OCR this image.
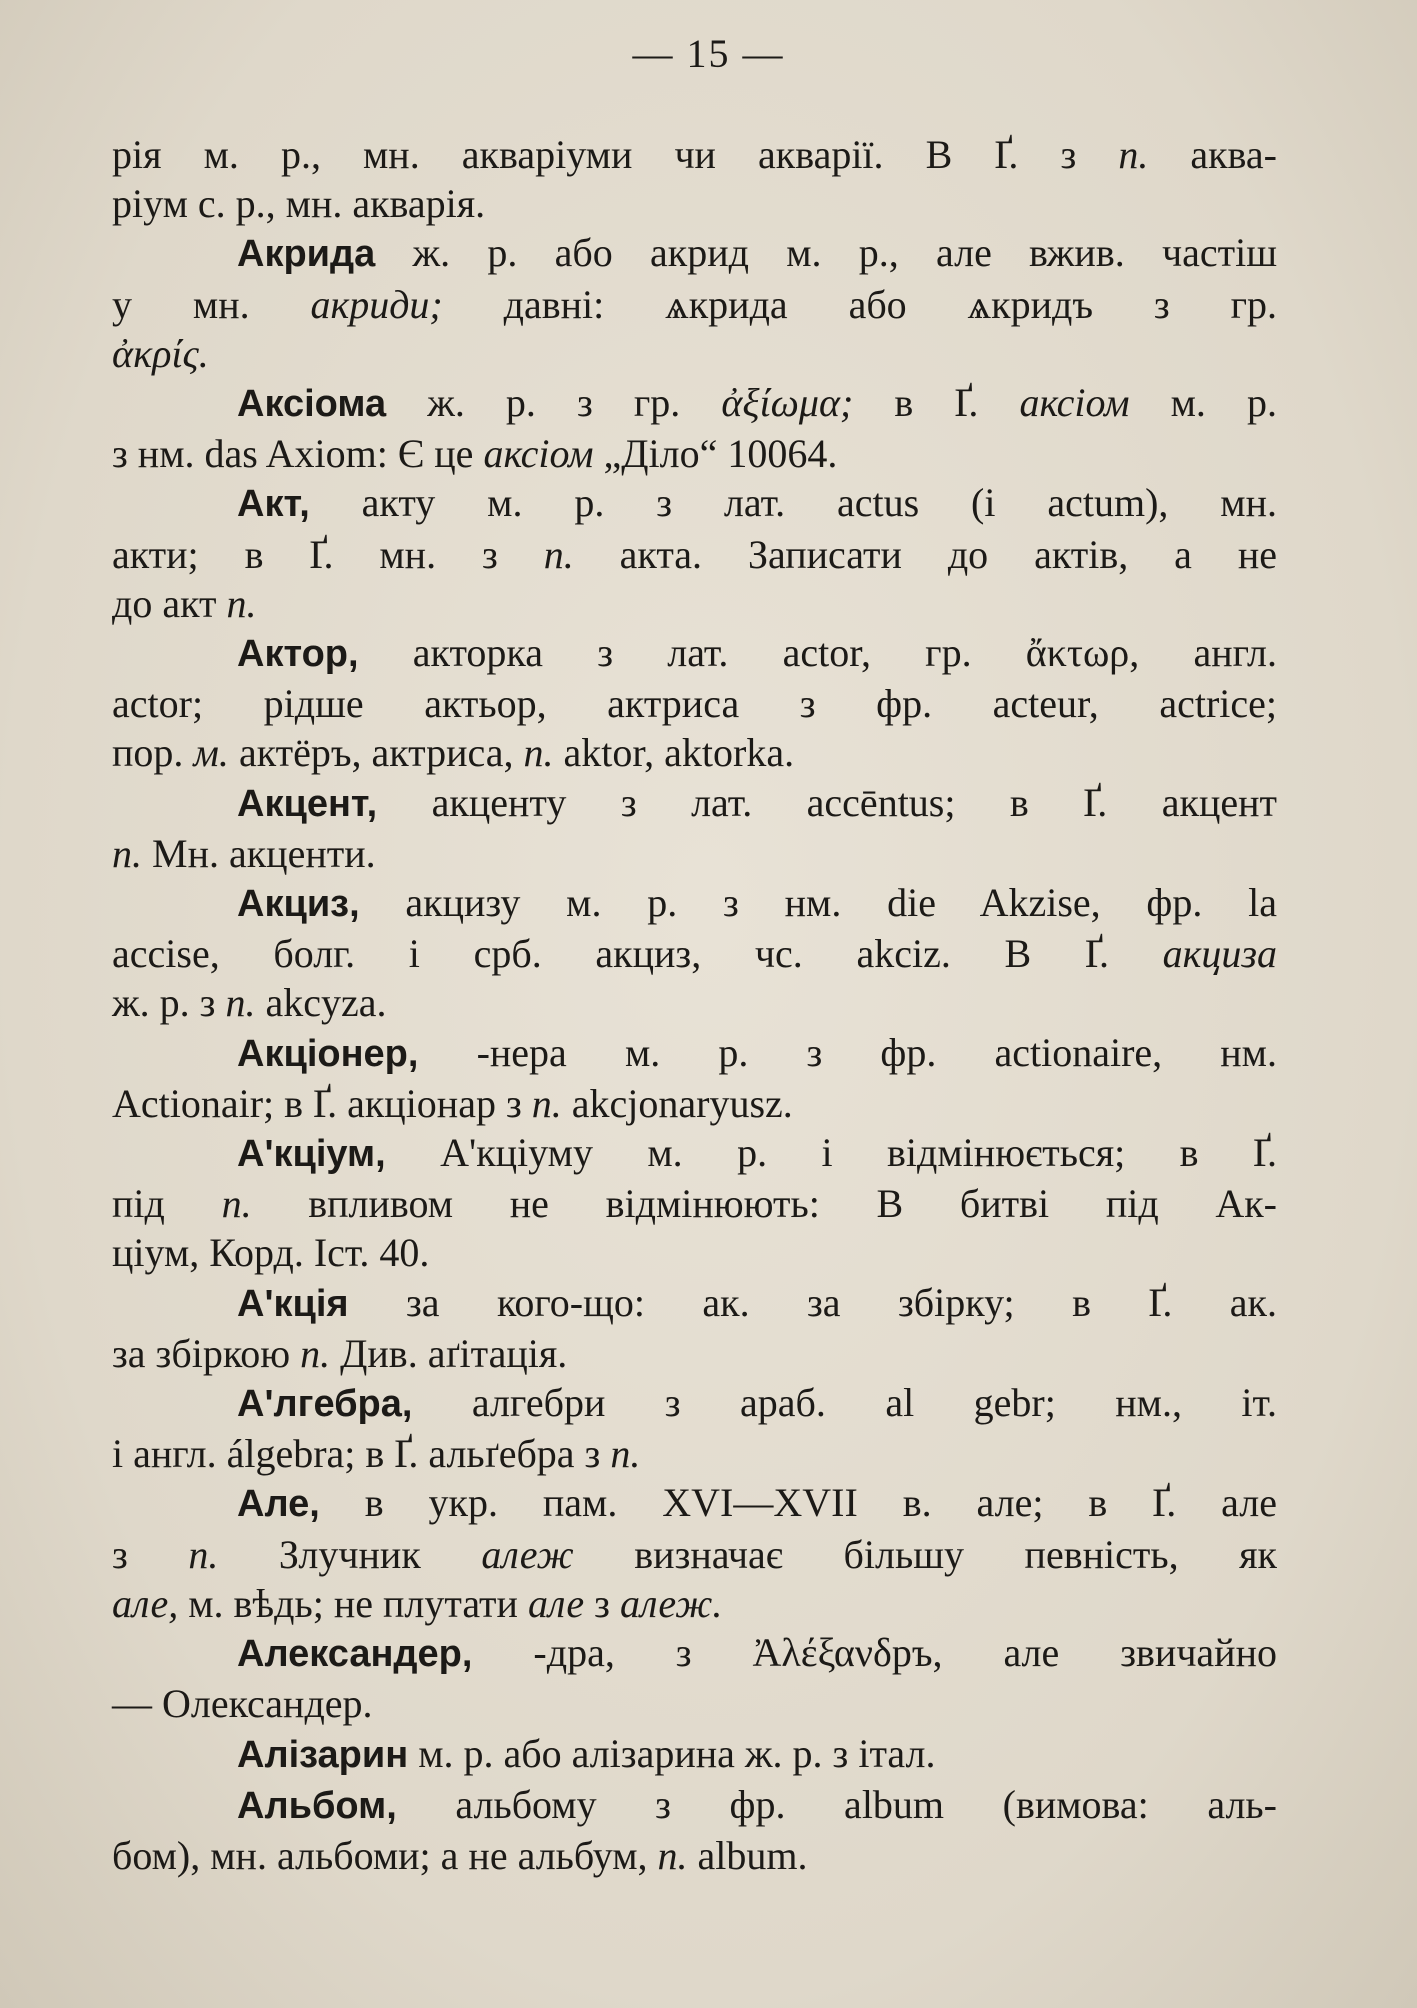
— 15 —
рія м. р., мн. акваріуми чи акварії. В Ґ. з п. аква-
ріум с. р., мн. акварія.
Акрида ж. р. або акрид м. р., але вжив. частіш
у мн. акриди; давні: ѧкрида або ѧкридъ з гр.
ἀκρίς.
Аксіома ж. р. з гр. ἀξίωμα; в Ґ. аксіом м. р.
з нм. das Axiom: Є це аксіом „Діло“ 10064.
Акт, акту м. р. з лат. actus (і actum), мн.
акти; в Ґ. мн. з п. акта. Записати до актів, а не
до акт п.
Актор, акторка з лат. actor, гр. ἄκτωρ, англ.
actor; рідше актьор, актриса з фр. acteur, actrice;
пор. м. актёръ, актриса, п. aktor, aktorka.
Акцент, акценту з лат. accēntus; в Ґ. акцент
п. Мн. акценти.
Акциз, акцизу м. р. з нм. die Akzise, фр. la
accise, болг. і срб. акциз, чс. akciz. В Ґ. акциза
ж. р. з п. akcyza.
Акціонер, -нера м. р. з фр. actionaire, нм.
Actionair; в Ґ. акціонар з п. akcjonaryusz.
А'кціум, А'кціуму м. р. і відмінюється; в Ґ.
під п. впливом не відмінюють: В битві під Ак-
ціум, Корд. Іст. 40.
А'кція за кого-що: ак. за збірку; в Ґ. ак.
за збіркою п. Див. аґітація.
А'лгебра, алгебри з араб. al gebr; нм., іт.
і англ. álgebra; в Ґ. альґебра з п.
Але, в укр. пам. XVI—XVII в. але; в Ґ. але
з п. Злучник алеж визначає більшу певність, як
але, м. вѣдь; не плутати але з алеж.
Александер, -дра, з Ἀλέξανδръ, але звичайно
— Олександер.
Алізарин м. р. або алізарина ж. р. з італ.
Альбом, альбому з фр. album (вимова: аль-
бом), мн. альбоми; а не альбум, п. album.
